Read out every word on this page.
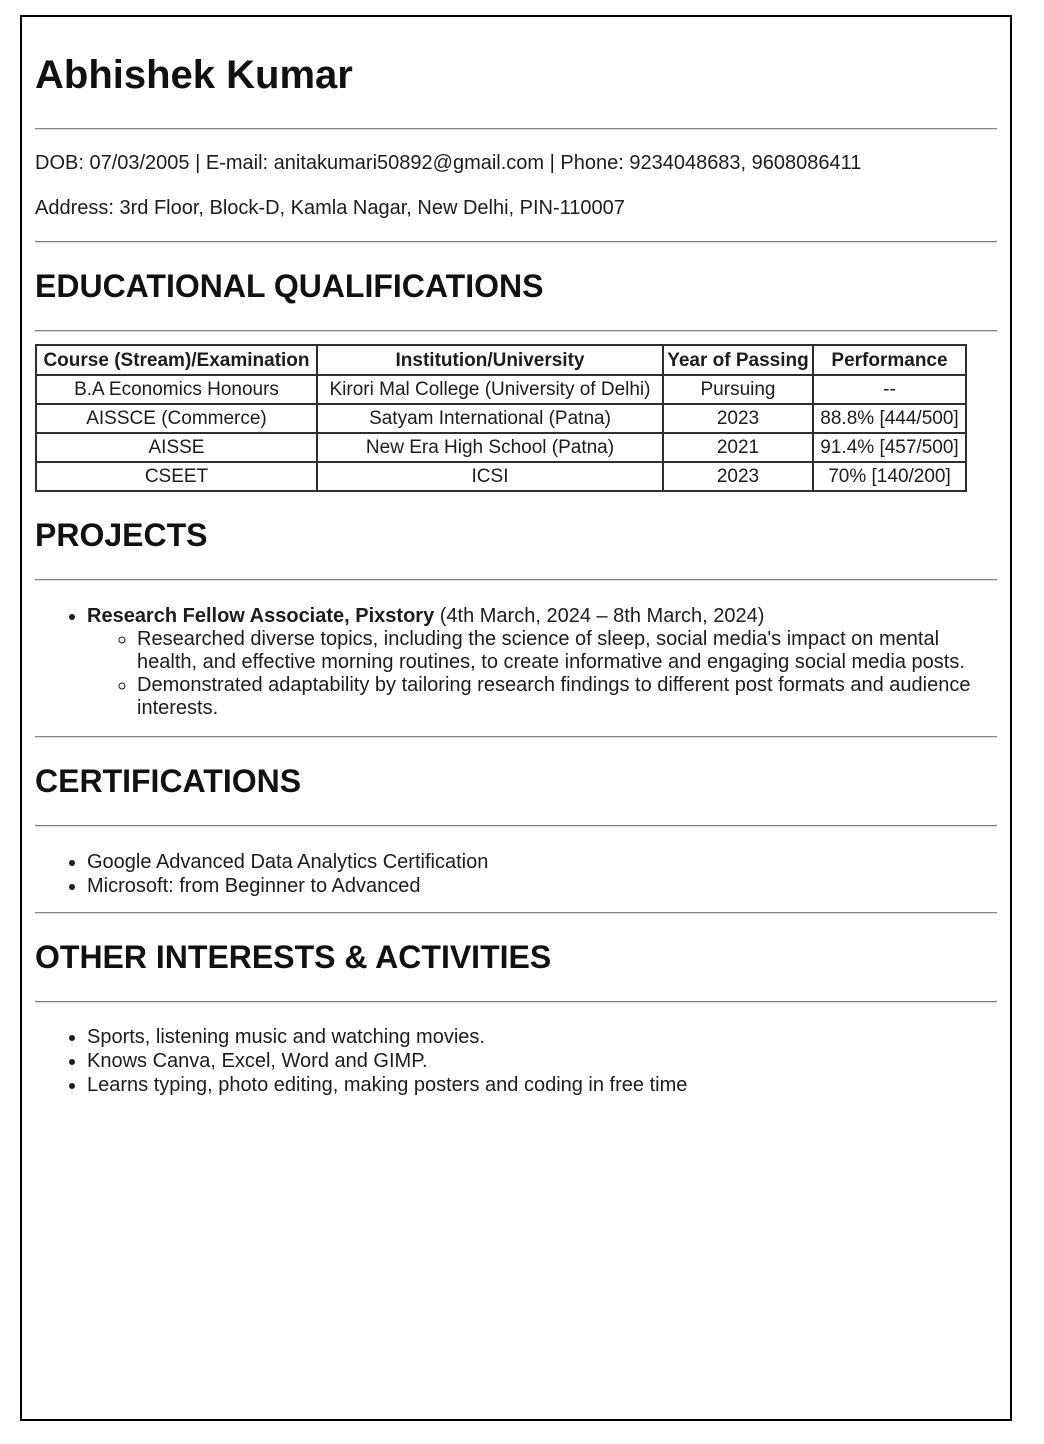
Abhishek Kumar

DOB: 07/03/2005 | E-mail: anitakumari50892@gmail.com | Phone: 9234048683, 9608086411

Address: 3rd Floor, Block-D, Kamla Nagar, New Delhi, PIN-110007

EDUCATIONAL QUALIFICATIONS
Course (Stream)/Examination	Institution/University	Year of Passing	Performance
B.A Economics Honours	Kirori Mal College (University of Delhi)	Pursuing	--
AISSCE (Commerce)	Satyam International (Patna)	2023	88.8% [444/500]
AISSE	New Era High School (Patna)	2021	91.4% [457/500]
CSEET	ICSI	2023	70% [140/200]
PROJECTS
• Research Fellow Associate, Pixstory (4th March, 2024 – 8th March, 2024)
◦ Researched diverse topics, including the science of sleep, social media's impact on mental health, and effective morning routines, to create informative and engaging social media posts.
◦ Demonstrated adaptability by tailoring research findings to different post formats and audience interests.
CERTIFICATIONS
• Google Advanced Data Analytics Certification
• Microsoft: from Beginner to Advanced
OTHER INTERESTS & ACTIVITIES
• Sports, listening music and watching movies.
• Knows Canva, Excel, Word and GIMP.
• Learns typing, photo editing, making posters and coding in free time
